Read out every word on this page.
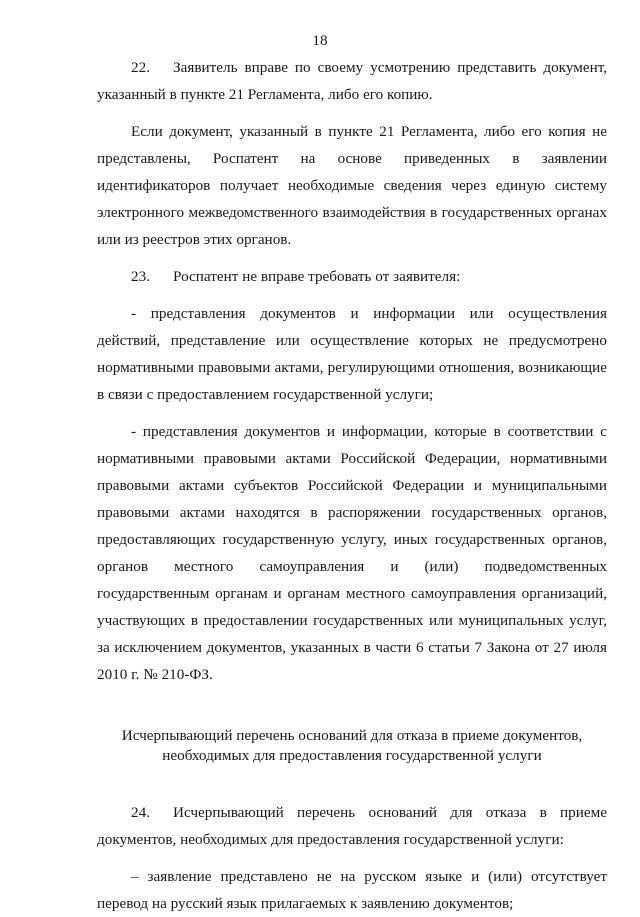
18

22. Заявитель вправе по своему усмотрению представить документ, указанный в пункте 21 Регламента, либо его копию.

Если документ, указанный в пункте 21 Регламента, либо его копия не представлены, Роспатент на основе приведенных в заявлении идентификаторов получает необходимые сведения через единую систему электронного межведомственного взаимодействия в государственных органах или из реестров этих органов.

23. Роспатент не вправе требовать от заявителя:

- представления документов и информации или осуществления действий, представление или осуществление которых не предусмотрено нормативными правовыми актами, регулирующими отношения, возникающие в связи с предоставлением государственной услуги;

- представления документов и информации, которые в соответствии с нормативными правовыми актами Российской Федерации, нормативными правовыми актами субъектов Российской Федерации и муниципальными правовыми актами находятся в распоряжении государственных органов, предоставляющих государственную услугу, иных государственных органов, органов местного самоуправления и (или) подведомственных государственным органам и органам местного самоуправления организаций, участвующих в предоставлении государственных или муниципальных услуг, за исключением документов, указанных в части 6 статьи 7 Закона от 27 июля 2010 г. № 210-ФЗ.

Исчерпывающий перечень оснований для отказа в приеме документов,

необходимых для предоставления государственной услуги

24. Исчерпывающий перечень оснований для отказа в приеме документов, необходимых для предоставления государственной услуги:

– заявление представлено не на русском языке и (или) отсутствует перевод на русский язык прилагаемых к заявлению документов;
